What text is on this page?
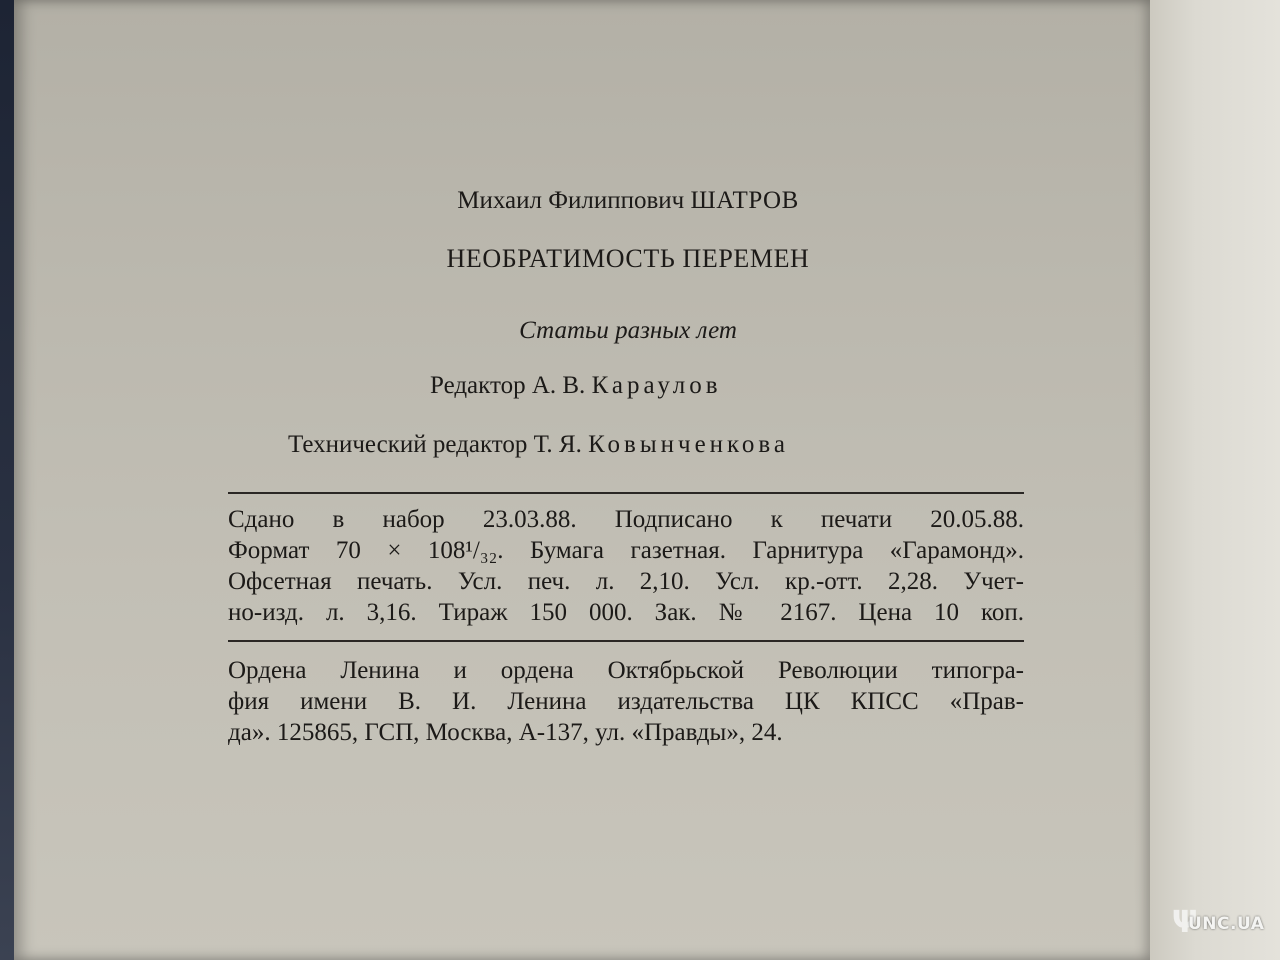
Михаил Филиппович ШАТРОВ
НЕОБРАТИМОСТЬ ПЕРЕМЕН
Статьи разных лет
Редактор А. В. Караулов
Технический редактор Т. Я. Ковынченкова
Сдано в набор 23.03.88. Подписано к печати 20.05.88.
Формат 70 × 108¹/₃₂. Бумага газетная. Гарнитура «Гарамонд».
Офсетная печать. Усл. печ. л. 2,10. Усл. кр.-отт. 2,28. Учет-
но-изд. л. 3,16. Тираж 150 000. Зак. № 2167. Цена 10 коп.
Ордена Ленина и ордена Октябрьской Революции типогра-
фия имени В. И. Ленина издательства ЦК КПСС «Прав-
да». 125865, ГСП, Москва, А-137, ул. «Правды», 24.
Ψ
UNC.UA
